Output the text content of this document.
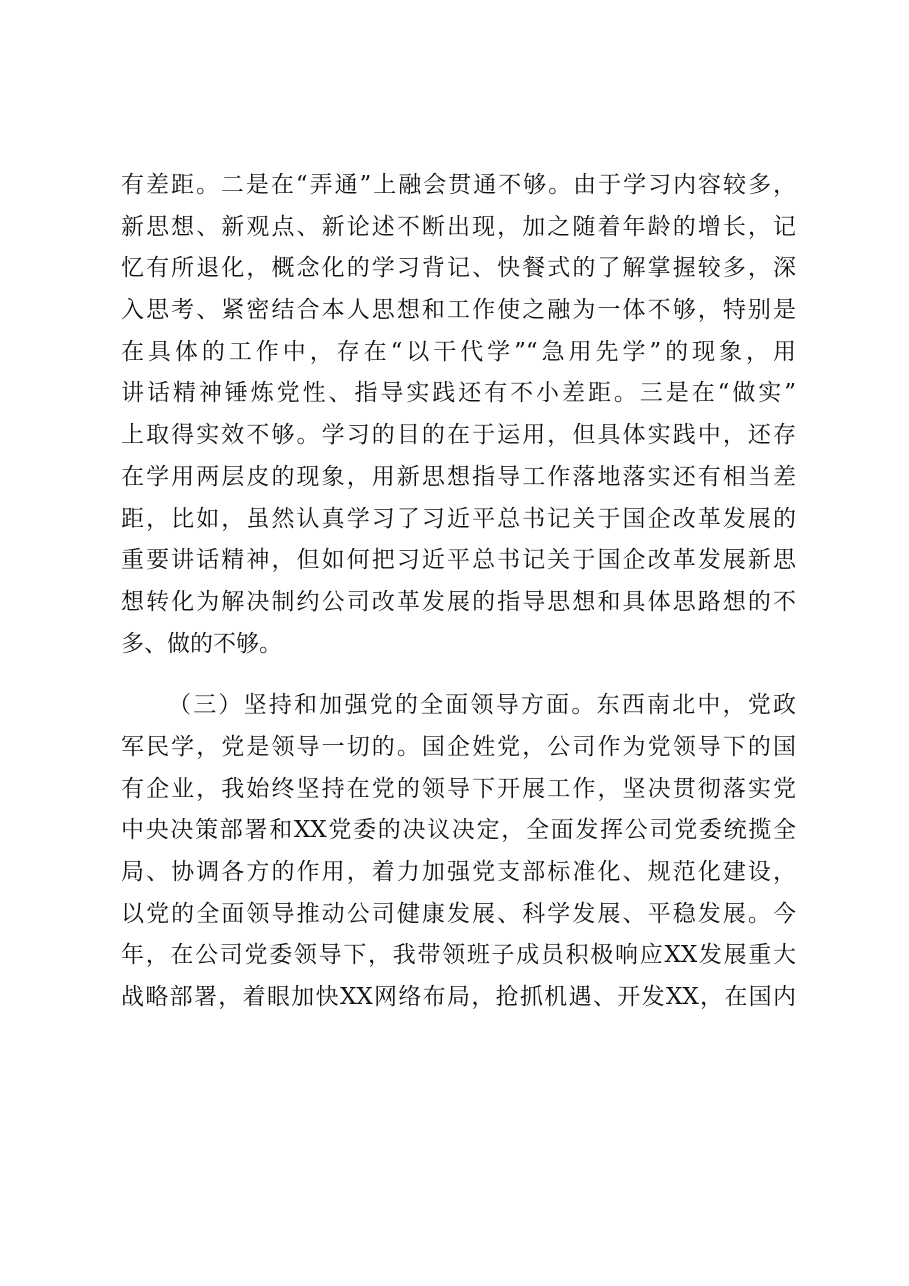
有差距。二是在“弄通”上融会贯通不够。由于学习内容较多，
新思想、新观点、新论述不断出现，加之随着年龄的增长，记
忆有所退化，概念化的学习背记、快餐式的了解掌握较多，深
入思考、紧密结合本人思想和工作使之融为一体不够，特别是
在具体的工作中，存在“以干代学”“急用先学”的现象，用
讲话精神锤炼党性、指导实践还有不小差距。三是在“做实”
上取得实效不够。学习的目的在于运用，但具体实践中，还存
在学用两层皮的现象，用新思想指导工作落地落实还有相当差
距，比如，虽然认真学习了习近平总书记关于国企改革发展的
重要讲话精神，但如何把习近平总书记关于国企改革发展新思
想转化为解决制约公司改革发展的指导思想和具体思路想的不
多、做的不够。
（三）坚持和加强党的全面领导方面。东西南北中，党政
军民学，党是领导一切的。国企姓党，公司作为党领导下的国
有企业，我始终坚持在党的领导下开展工作，坚决贯彻落实党
中央决策部署和XX党委的决议决定，全面发挥公司党委统揽全
局、协调各方的作用，着力加强党支部标准化、规范化建设，
以党的全面领导推动公司健康发展、科学发展、平稳发展。今
年，在公司党委领导下，我带领班子成员积极响应XX发展重大
战略部署，着眼加快XX网络布局，抢抓机遇、开发XX，在国内
